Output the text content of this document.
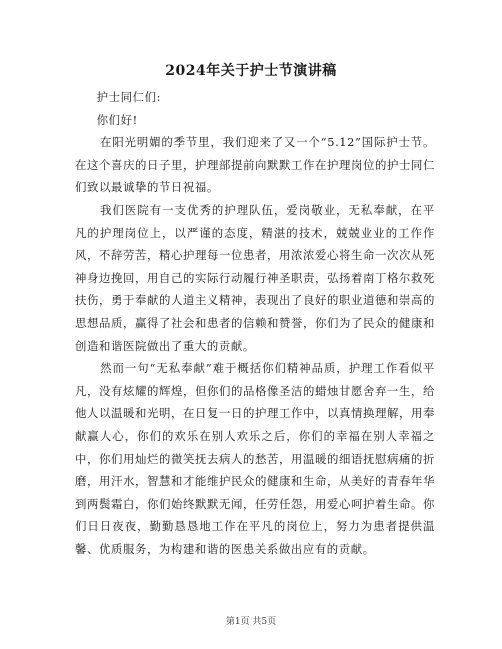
2024年关于护士节演讲稿

护士同仁们:

你们好!

在阳光明媚的季节里，我们迎来了又一个“5.12”国际护士节。在这个喜庆的日子里，护理部提前向默默工作在护理岗位的护士同仁们致以最诚挚的节日祝福。

我们医院有一支优秀的护理队伍，爱岗敬业，无私奉献，在平凡的护理岗位上，以严谨的态度，精湛的技术，兢兢业业的工作作风，不辞劳苦，精心护理每一位患者，用浓浓爱心将生命一次次从死神身边挽回，用自己的实际行动履行神圣职责，弘扬着南丁格尔救死扶伤，勇于奉献的人道主义精神，表现出了良好的职业道德和崇高的思想品质，赢得了社会和患者的信赖和赞誉，你们为了民众的健康和创造和谐医院做出了重大的贡献。

然而一句“无私奉献”难于概括你们精神品质，护理工作看似平凡，没有炫耀的辉煌，但你们的品格像圣洁的蜡烛甘愿舍弃一生，给他人以温暖和光明，在日复一日的护理工作中，以真情换理解，用奉献赢人心，你们的欢乐在别人欢乐之后，你们的幸福在别人幸福之中，你们用灿烂的微笑抚去病人的愁苦，用温暖的细语抚慰病痛的折磨，用汗水，智慧和才能维护民众的健康和生命，从美好的青春年华到两鬓霜白，你们始终默默无闻，任劳任怨，用爱心呵护着生命。你们日日夜夜，勤勤恳恳地工作在平凡的岗位上，努力为患者提供温馨、优质服务，为构建和谐的医患关系做出应有的贡献。

第1页 共5页
